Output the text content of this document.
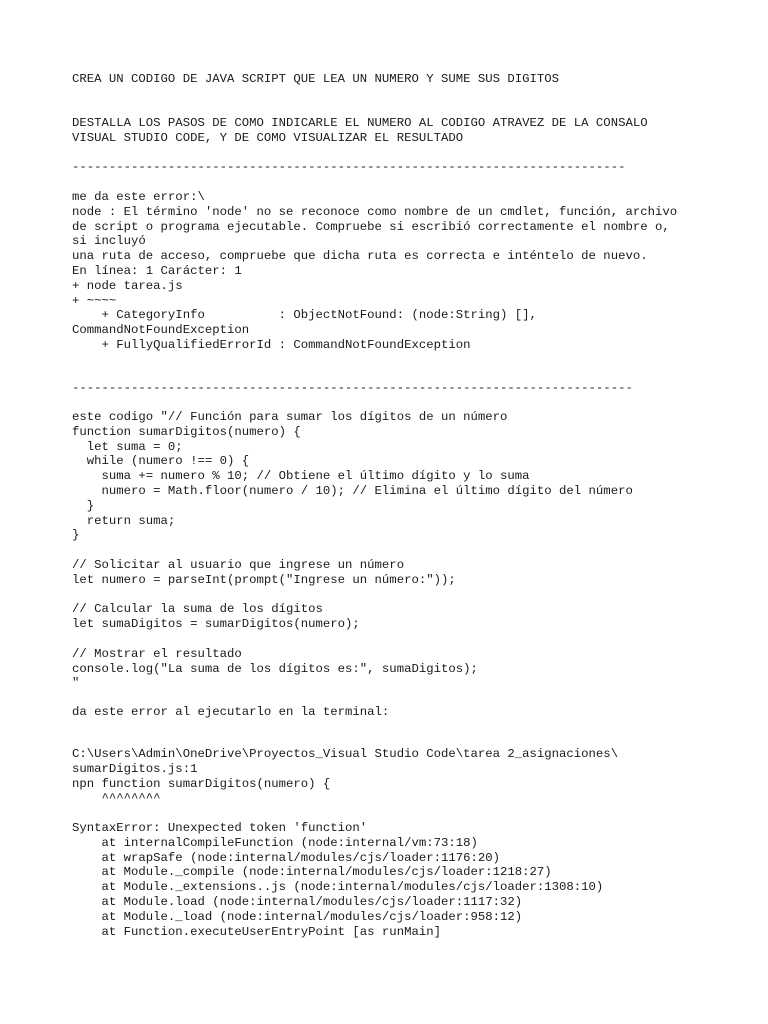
CREA UN CODIGO DE JAVA SCRIPT QUE LEA UN NUMERO Y SUME SUS DIGITOS
DESTALLA LOS PASOS DE COMO INDICARLE EL NUMERO AL CODIGO ATRAVEZ DE LA CONSALO
VISUAL STUDIO CODE, Y DE COMO VISUALIZAR EL RESULTADO
---------------------------------------------------------------------------
me da este error:\
node : El término 'node' no se reconoce como nombre de un cmdlet, función, archivo
de script o programa ejecutable. Compruebe si escribió correctamente el nombre o,
si incluyó
una ruta de acceso, compruebe que dicha ruta es correcta e inténtelo de nuevo.
En línea: 1 Carácter: 1
+ node tarea.js
+ ~~~~
+ CategoryInfo          : ObjectNotFound: (node:String) [],
CommandNotFoundException
+ FullyQualifiedErrorId : CommandNotFoundException
----------------------------------------------------------------------------
este codigo "// Función para sumar los dígitos de un número
function sumarDigitos(numero) {
let suma = 0;
while (numero !== 0) {
suma += numero % 10; // Obtiene el último dígito y lo suma
numero = Math.floor(numero / 10); // Elimina el último dígito del número
}
return suma;
}

// Solicitar al usuario que ingrese un número
let numero = parseInt(prompt("Ingrese un número:"));

// Calcular la suma de los dígitos
let sumaDigitos = sumarDigitos(numero);

// Mostrar el resultado
console.log("La suma de los dígitos es:", sumaDigitos);
"
da este error al ejecutarlo en la terminal:
C:\Users\Admin\OneDrive\Proyectos_Visual Studio Code\tarea 2_asignaciones\
sumarDigitos.js:1
npn function sumarDigitos(numero) {
^^^^^^^^

SyntaxError: Unexpected token 'function'
at internalCompileFunction (node:internal/vm:73:18)
at wrapSafe (node:internal/modules/cjs/loader:1176:20)
at Module._compile (node:internal/modules/cjs/loader:1218:27)
at Module._extensions..js (node:internal/modules/cjs/loader:1308:10)
at Module.load (node:internal/modules/cjs/loader:1117:32)
at Module._load (node:internal/modules/cjs/loader:958:12)
at Function.executeUserEntryPoint [as runMain]
